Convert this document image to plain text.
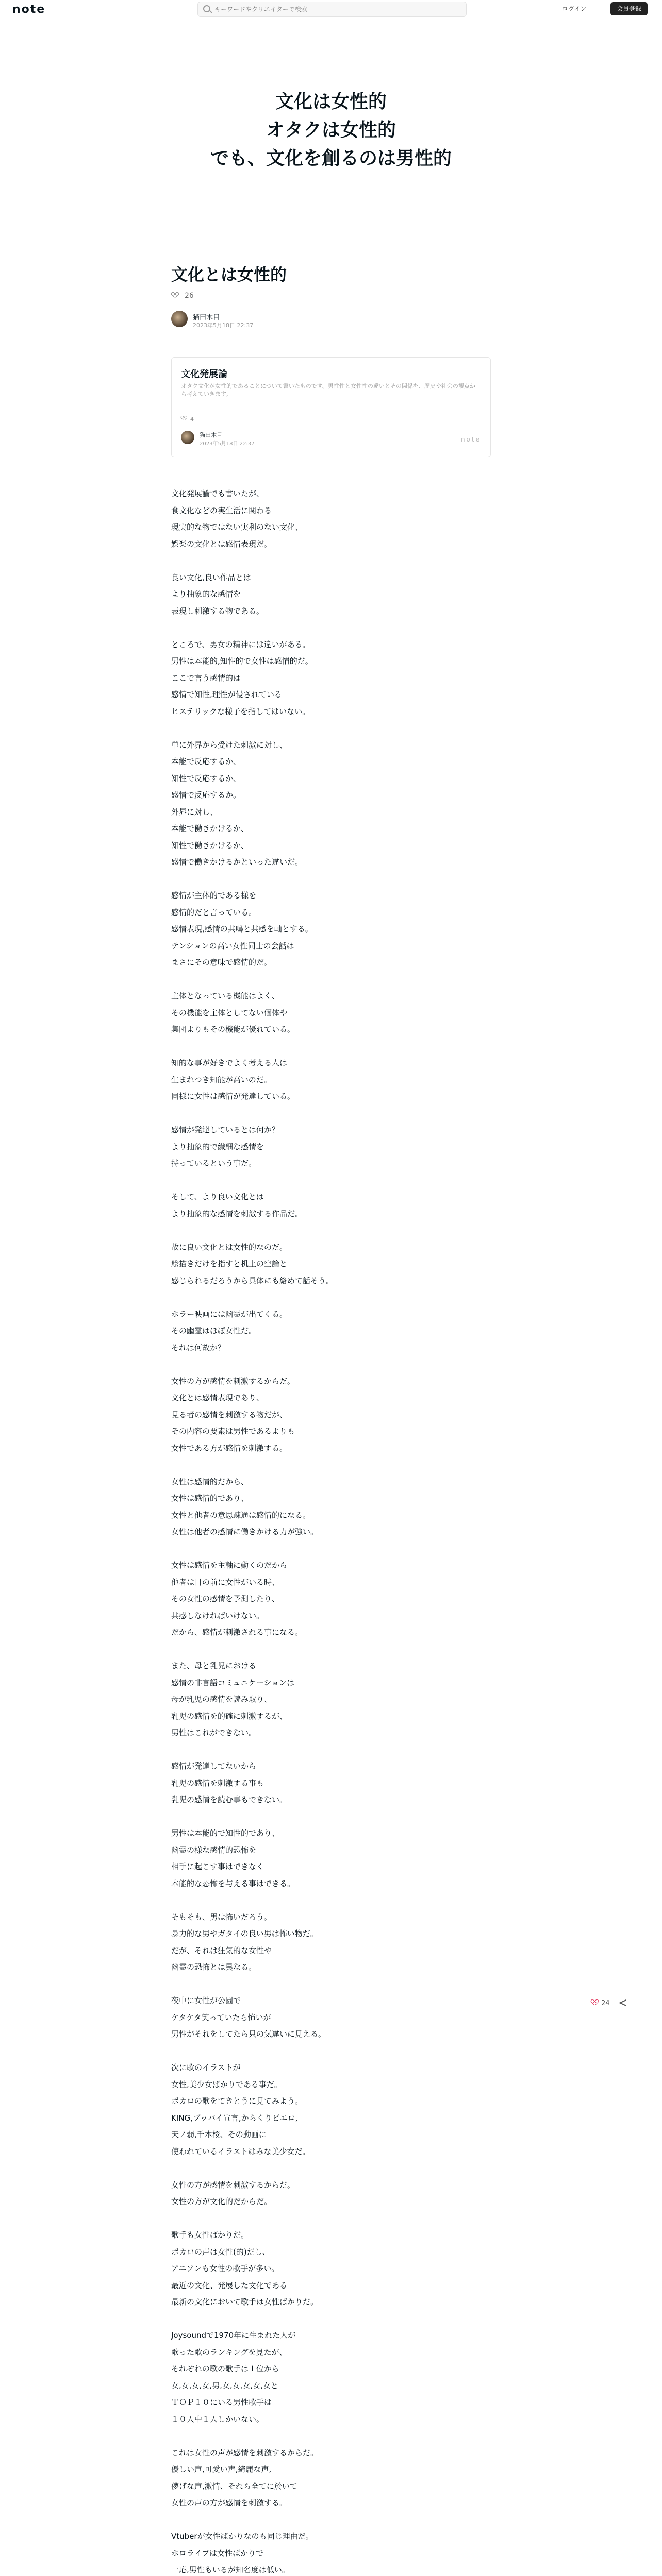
note
キーワードやクリエイターで検索	ログイン	会員登録
文化は女性的
オタクは女性的
でも、文化を創るのは男性的
文化とは女性的
26
猫田木目
2023年5月18日 22:37
文化発展論
オタク文化が女性的であることについて書いたものです。男性性と女性性の違いとその関係を、歴史や社会の観点から考えていきます。
4
猫田木目
2023年5月18日 22:37
note

文化発展論でも書いたが、
食文化などの実生活に関わる
現実的な物ではない実利のない文化、
娯楽の文化とは感情表現だ。

良い文化,良い作品とは
より抽象的な感情を
表現し刺激する物である。

ところで、男女の精神には違いがある。
男性は本能的,知性的で女性は感情的だ。
ここで言う感情的は
感情で知性,理性が侵されている
ヒステリックな様子を指してはいない。

単に外界から受けた刺激に対し、
本能で反応するか、
知性で反応するか、
感情で反応するか。
外界に対し、
本能で働きかけるか、
知性で働きかけるか、
感情で働きかけるかといった違いだ。

感情が主体的である様を
感情的だと言っている。
感情表現,感情の共鳴と共感を軸とする。
テンションの高い女性同士の会話は
まさにその意味で感情的だ。

主体となっている機能はよく、
その機能を主体としてない個体や
集団よりもその機能が優れている。

知的な事が好きでよく考える人は
生まれつき知能が高いのだ。
同様に女性は感情が発達している。

感情が発達しているとは何か？
より抽象的で繊細な感情を
持っているという事だ。

そして、より良い文化とは
より抽象的な感情を刺激する作品だ。

故に良い文化とは女性的なのだ。
絵描きだけを指すと机上の空論と
感じられるだろうから具体にも絡めて話そう。

ホラー映画には幽霊が出てくる。
その幽霊はほぼ女性だ。
それは何故か？

女性の方が感情を刺激するからだ。
文化とは感情表現であり、
見る者の感情を刺激する物だが、
その内容の要素は男性であるよりも
女性である方が感情を刺激する。

女性は感情的だから、
女性は感情的であり、
女性と他者の意思疎通は感情的になる。
女性は他者の感情に働きかける力が強い。

女性は感情を主軸に動くのだから
他者は目の前に女性がいる時、
その女性の感情を予測したり、
共感しなければいけない。
だから、感情が刺激される事になる。

また、母と乳児における
感情の非言語コミュニケーションは
母が乳児の感情を読み取り、
乳児の感情を的確に刺激するが、
男性はこれができない。

感情が発達してないから
乳児の感情を刺激する事も
乳児の感情を読む事もできない。

男性は本能的で知性的であり、
幽霊の様な感情的恐怖を
相手に起こす事はできなく
本能的な恐怖を与える事はできる。

そもそも、男は怖いだろう。
暴力的な男やガタイの良い男は怖い物だ。
だが、それは狂気的な女性や
幽霊の恐怖とは異なる。

夜中に女性が公園で
ケタケタ笑っていたら怖いが
男性がそれをしてたら只の気違いに見える。

次に歌のイラストが
女性,美少女ばかりである事だ。
ボカロの歌をてきとうに見てみよう。
KING,ブッバイ宣言,からくりピエロ,
天ノ弱,千本桜、その動画に
使われているイラストはみな美少女だ。

女性の方が感情を刺激するからだ。
女性の方が文化的だからだ。

歌手も女性ばかりだ。
ボカロの声は女性(的)だし、
アニソンも女性の歌手が多い。
最近の文化、発展した文化である
最新の文化において歌手は女性ばかりだ。

Joysoundで1970年に生まれた人が
歌った歌のランキングを見たが、
それぞれの歌の歌手は１位から
女,女,女,女,男,女,女,女,女,女と
ＴＯＰ１０にいる男性歌手は
１０人中１人しかいない。

これは女性の声が感情を刺激するからだ。
優しい声,可愛い声,綺麗な声,
儚げな声,激情、それら全てに於いて
女性の声の方が感情を刺激する。

Vtuberが女性ばかりなのも同じ理由だ。
ホロライブは女性ばかりで
一応,男性もいるが知名度は低い。

24
